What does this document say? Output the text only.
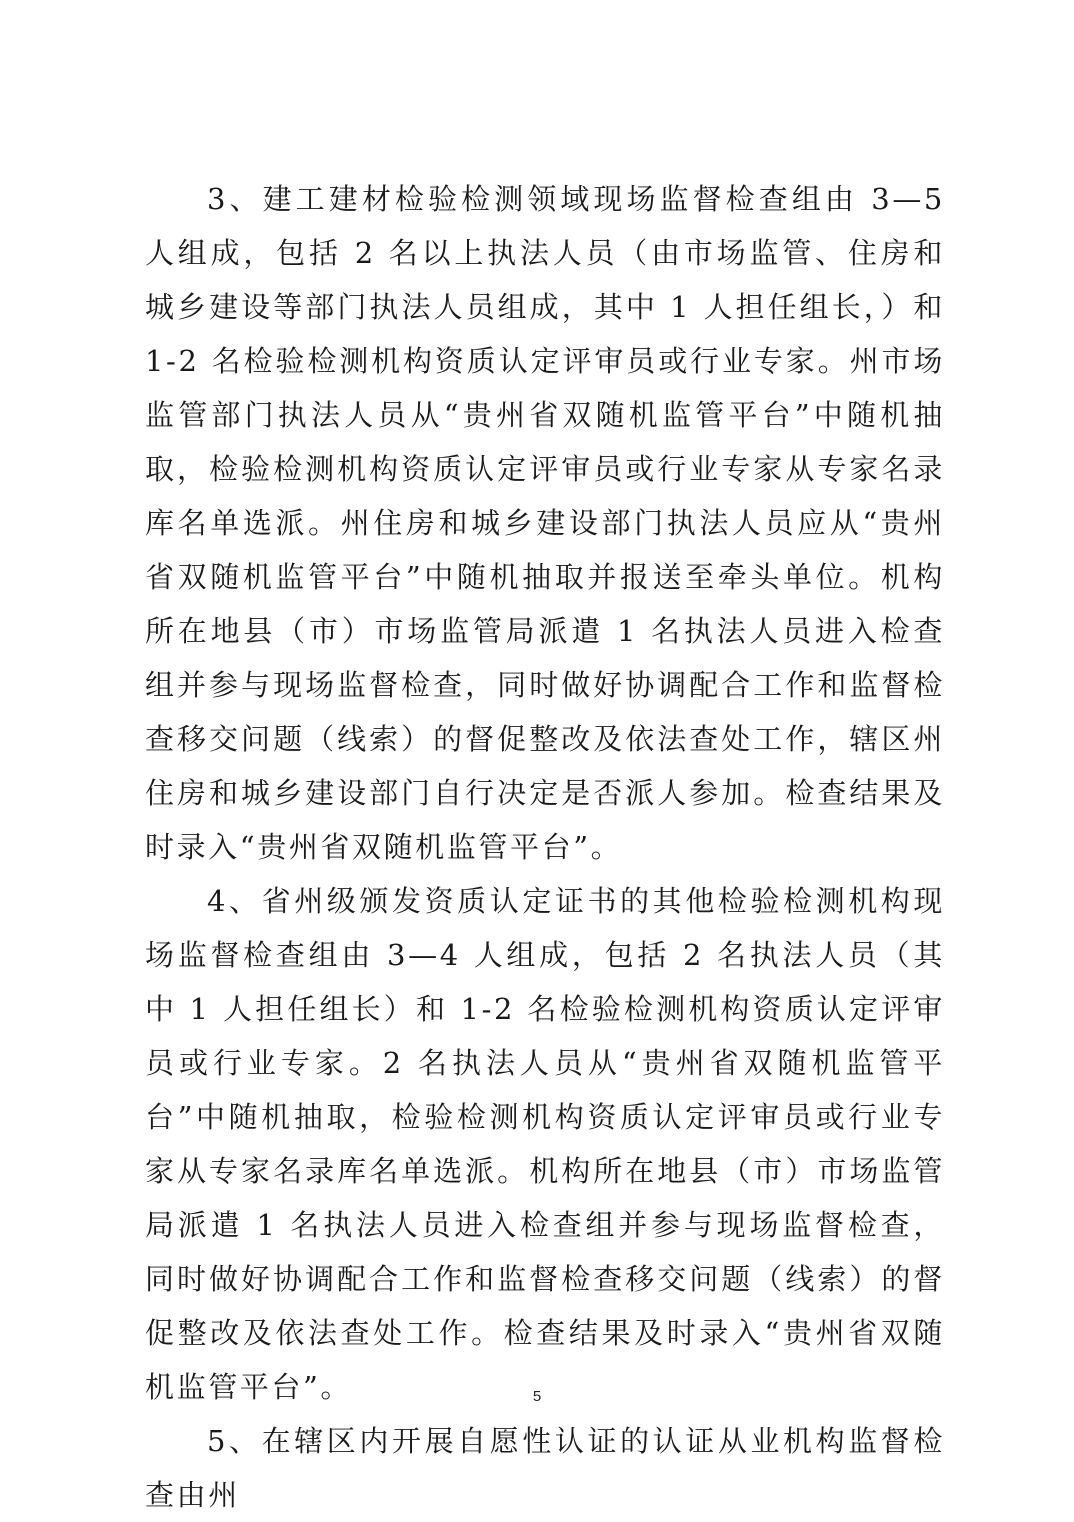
3、建工建材检验检测领域现场监督检查组由 3—5 人组成，包括 2 名以上执法人员（由市场监管、住房和城乡建设等部门执法人员组成，其中 1 人担任组长，）和 1-2 名检验检测机构资质认定评审员或行业专家。州市场监管部门执法人员从“贵州省双随机监管平台”中随机抽取，检验检测机构资质认定评审员或行业专家从专家名录库名单选派。州住房和城乡建设部门执法人员应从“贵州省双随机监管平台”中随机抽取并报送至牵头单位。机构所在地县（市）市场监管局派遣 1 名执法人员进入检查组并参与现场监督检查，同时做好协调配合工作和监督检查移交问题（线索）的督促整改及依法查处工作，辖区州住房和城乡建设部门自行决定是否派人参加。检查结果及时录入“贵州省双随机监管平台”。

4、省州级颁发资质认定证书的其他检验检测机构现场监督检查组由 3—4 人组成，包括 2 名执法人员（其中 1 人担任组长）和 1-2 名检验检测机构资质认定评审员或行业专家。2 名执法人员从“贵州省双随机监管平台”中随机抽取，检验检测机构资质认定评审员或行业专家从专家名录库名单选派。机构所在地县（市）市场监管局派遣 1 名执法人员进入检查组并参与现场监督检查，同时做好协调配合工作和监督检查移交问题（线索）的督促整改及依法查处工作。检查结果及时录入“贵州省双随机监管平台”。

5、在辖区内开展自愿性认证的认证从业机构监督检查由州

5
